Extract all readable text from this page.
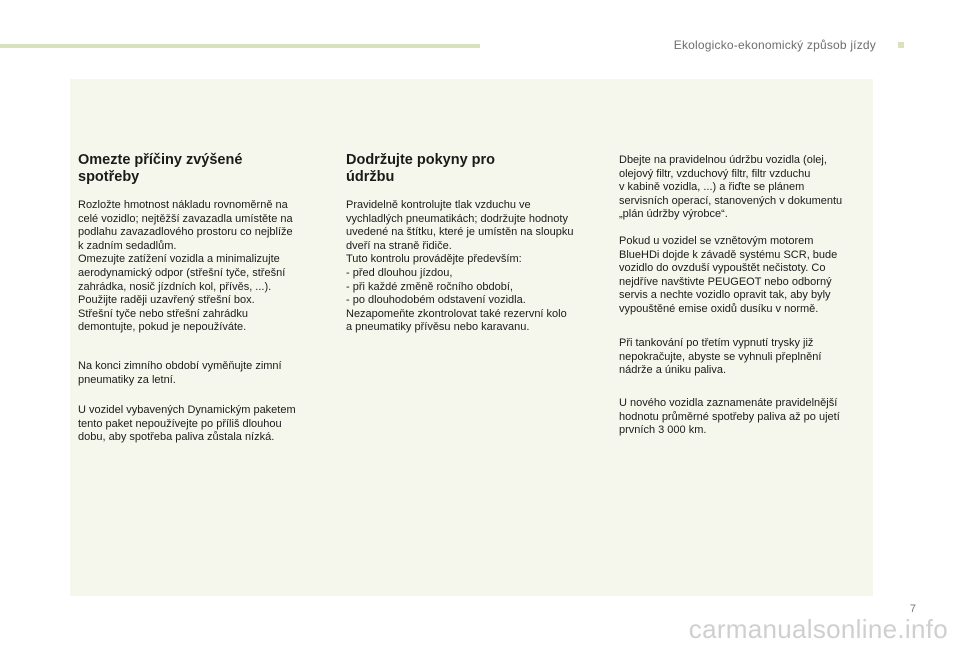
Ekologicko-ekonomický způsob jízdy
Omezte příčiny zvýšené spotřeby

Rozložte hmotnost nákladu rovnoměrně na
celé vozidlo; nejtěžší zavazadla umístěte na
podlahu zavazadlového prostoru co nejblíže
k zadním sedadlům.
Omezujte zatížení vozidla a minimalizujte
aerodynamický odpor (střešní tyče, střešní
zahrádka, nosič jízdních kol, přívěs, ...).
Použijte raději uzavřený střešní box.
Střešní tyče nebo střešní zahrádku
demontujte, pokud je nepoužíváte.

Na konci zimního období vyměňujte zimní
pneumatiky za letní.

U vozidel vybavených Dynamickým paketem
tento paket nepoužívejte po příliš dlouhou
dobu, aby spotřeba paliva zůstala nízká.

Dodržujte pokyny pro údržbu

Pravidelně kontrolujte tlak vzduchu ve
vychladlých pneumatikách; dodržujte hodnoty
uvedené na štítku, které je umístěn na sloupku
dveří na straně řidiče.
Tuto kontrolu provádějte především:
- před dlouhou jízdou,
- při každé změně ročního období,
- po dlouhodobém odstavení vozidla.
Nezapomeňte zkontrolovat také rezervní kolo
a pneumatiky přívěsu nebo karavanu.

Dbejte na pravidelnou údržbu vozidla (olej,
olejový filtr, vzduchový filtr, filtr vzduchu
v kabině vozidla, ...) a řiďte se plánem
servisních operací, stanovených v dokumentu
„plán údržby výrobce“.

Pokud u vozidel se vznětovým motorem
BlueHDi dojde k závadě systému SCR, bude
vozidlo do ovzduší vypouštět nečistoty. Co
nejdříve navštivte PEUGEOT nebo odborný
servis a nechte vozidlo opravit tak, aby byly
vypouštěné emise oxidů dusíku v normě.

Při tankování po třetím vypnutí trysky již
nepokračujte, abyste se vyhnuli přeplnění
nádrže a úniku paliva.

U nového vozidla zaznamenáte pravidelnější
hodnotu průměrné spotřeby paliva až po ujetí
prvních 3 000 km.

7
carmanualsonline.info
